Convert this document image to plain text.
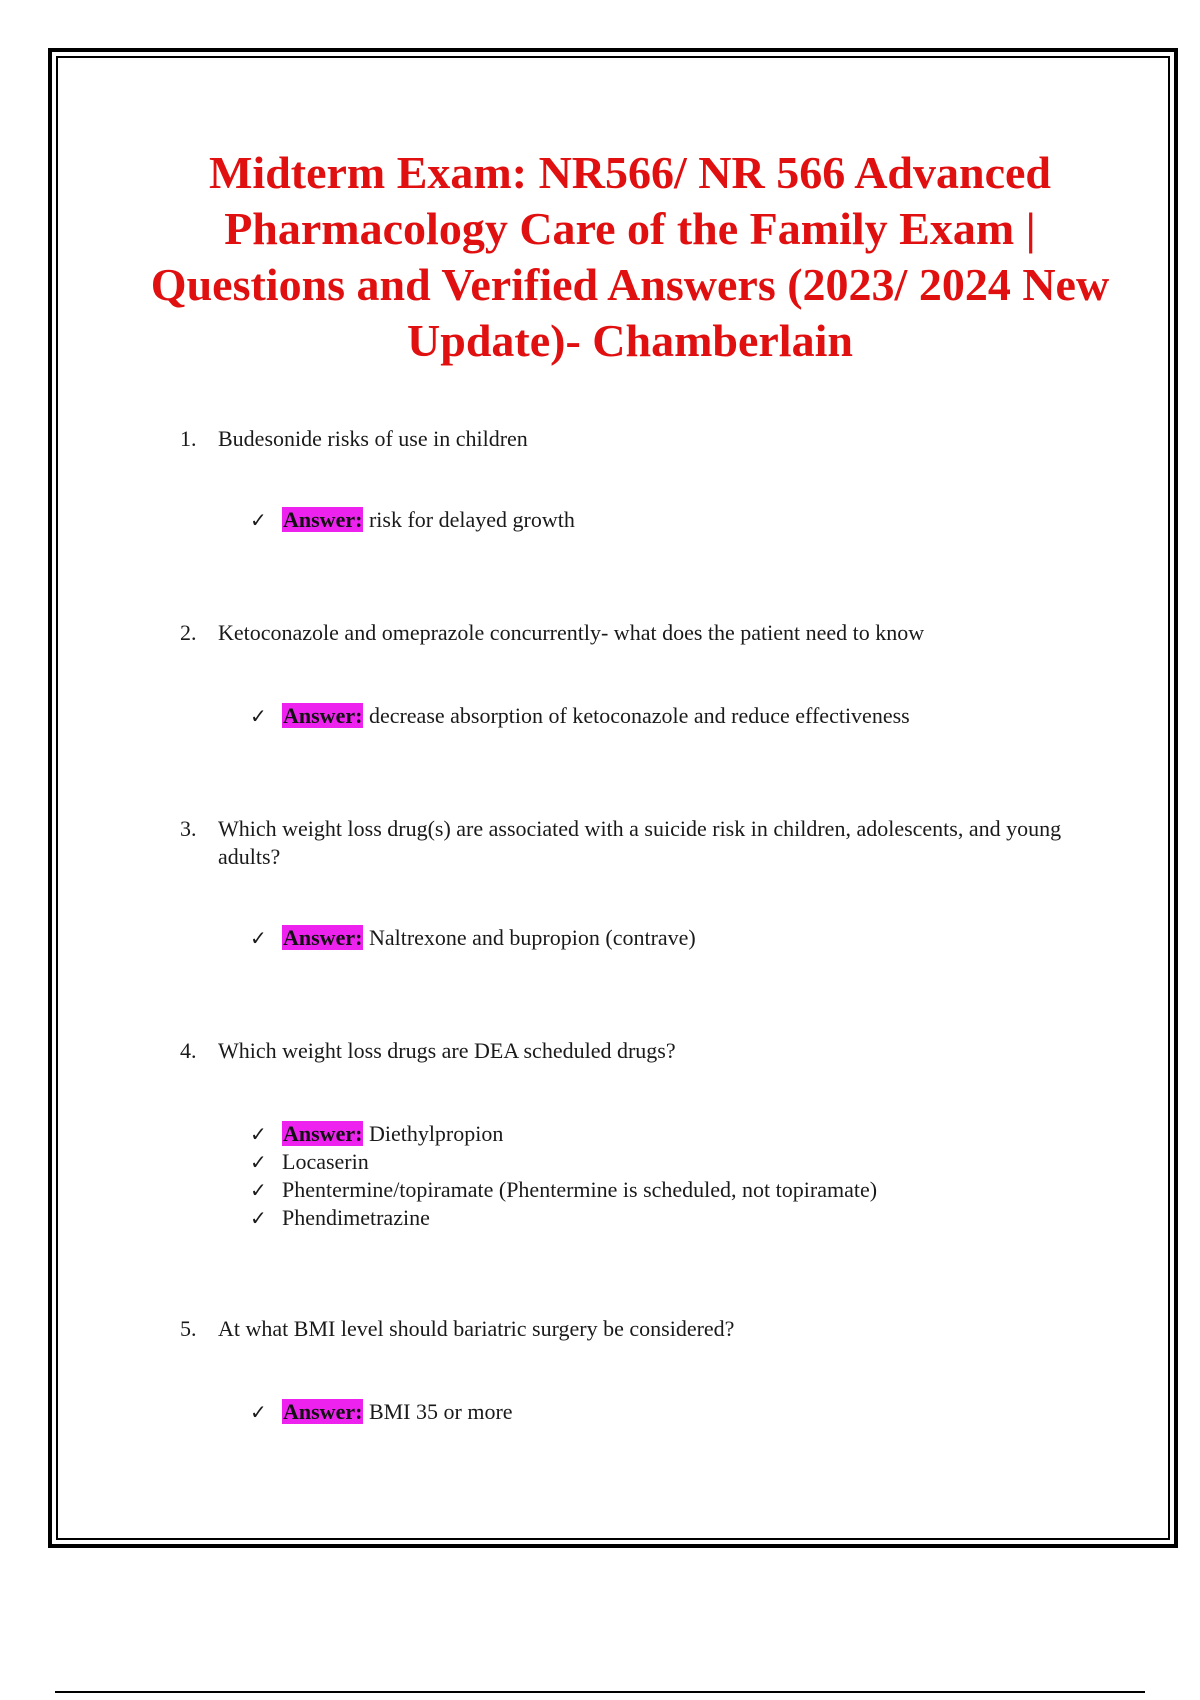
Midterm Exam: NR566/ NR 566 Advanced Pharmacology Care of the Family Exam | Questions and Verified Answers (2023/ 2024 New Update)- Chamberlain
1. Budesonide risks of use in children
✓ Answer: risk for delayed growth
2. Ketoconazole and omeprazole concurrently- what does the patient need to know
✓ Answer: decrease absorption of ketoconazole and reduce effectiveness
3. Which weight loss drug(s) are associated with a suicide risk in children, adolescents, and young adults?
✓ Answer: Naltrexone and bupropion (contrave)
4. Which weight loss drugs are DEA scheduled drugs?
✓ Answer: Diethylpropion
✓ Locaserin
✓ Phentermine/topiramate (Phentermine is scheduled, not topiramate)
✓ Phendimetrazine
5. At what BMI level should bariatric surgery be considered?
✓ Answer: BMI 35 or more
